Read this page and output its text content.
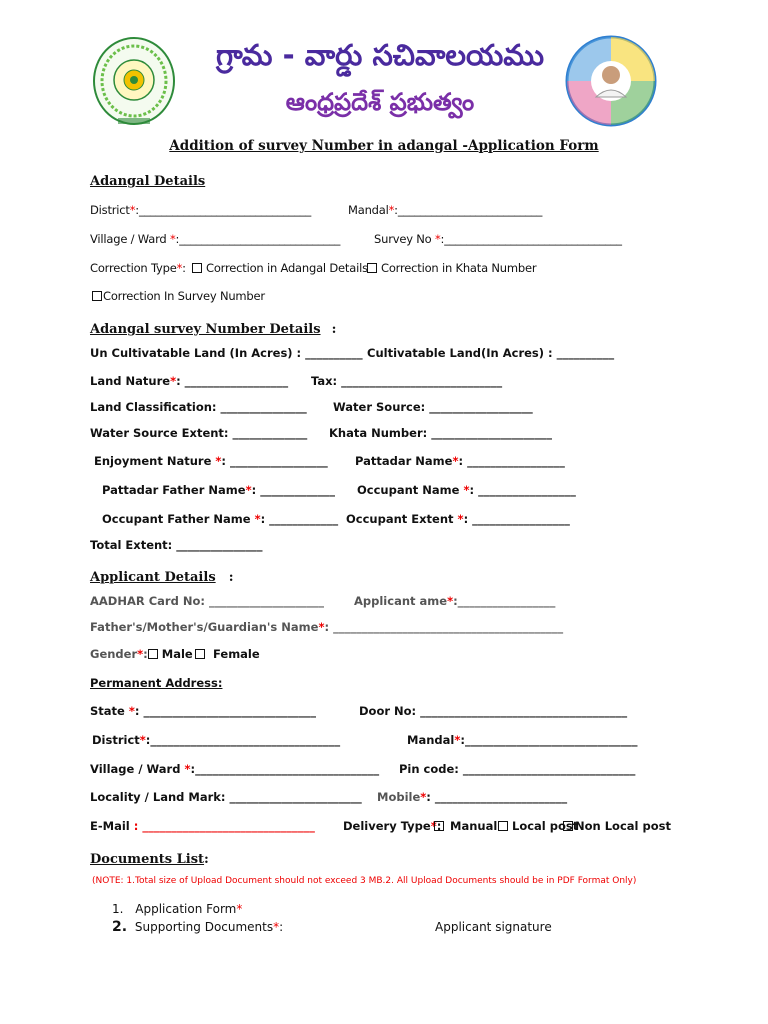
గ్రామ - వార్డు సచివాలయము
ఆంధ్రప్రదేశ్ ప్రభుత్వం
Addition of survey Number in adangal -Application Form
Adangal Details
District*:_______________________________	Mandal*:__________________________
Village / Ward *:_____________________________	Survey No *:________________________________
Correction Type*:	Correction in Adangal Details	Correction in Khata Number
Correction In Survey Number
Adangal survey Number Details :
Un Cultivatable Land (In Acres) : __________ Cultivatable Land(In Acres) : __________
Land Nature*: __________________ Tax: ____________________________
Land Classification: _______________ Water Source: __________________
Water Source Extent: _____________ Khata Number: _____________________
Enjoyment Nature *: _________________ Pattadar Name*: _________________
Pattadar Father Name*: _____________ Occupant Name *: _________________
Occupant Father Name *: ____________ Occupant Extent *: _________________
Total Extent: _______________
Applicant Details :
AADHAR Card No: ____________________	Applicant ame*:_________________
Father's/Mother's/Guardian's Name*: ________________________________________
Gender*: Male	Female
Permanent Address:
State *: ______________________________	Door No: ____________________________________
District*:_________________________________	Mandal*:______________________________
Village / Ward *:________________________________ Pin code: ______________________________
Locality / Land Mark: _______________________ Mobile*: _______________________
E-Mail : ______________________________ Delivery Type*: Manual	Local post
Non Local post
Documents List:
(NOTE: 1.Total size of Upload Document should not exceed 3 MB.2. All Upload Documents should be in PDF Format Only)
1. Application Form*
2. Supporting Documents*:	Applicant signature
